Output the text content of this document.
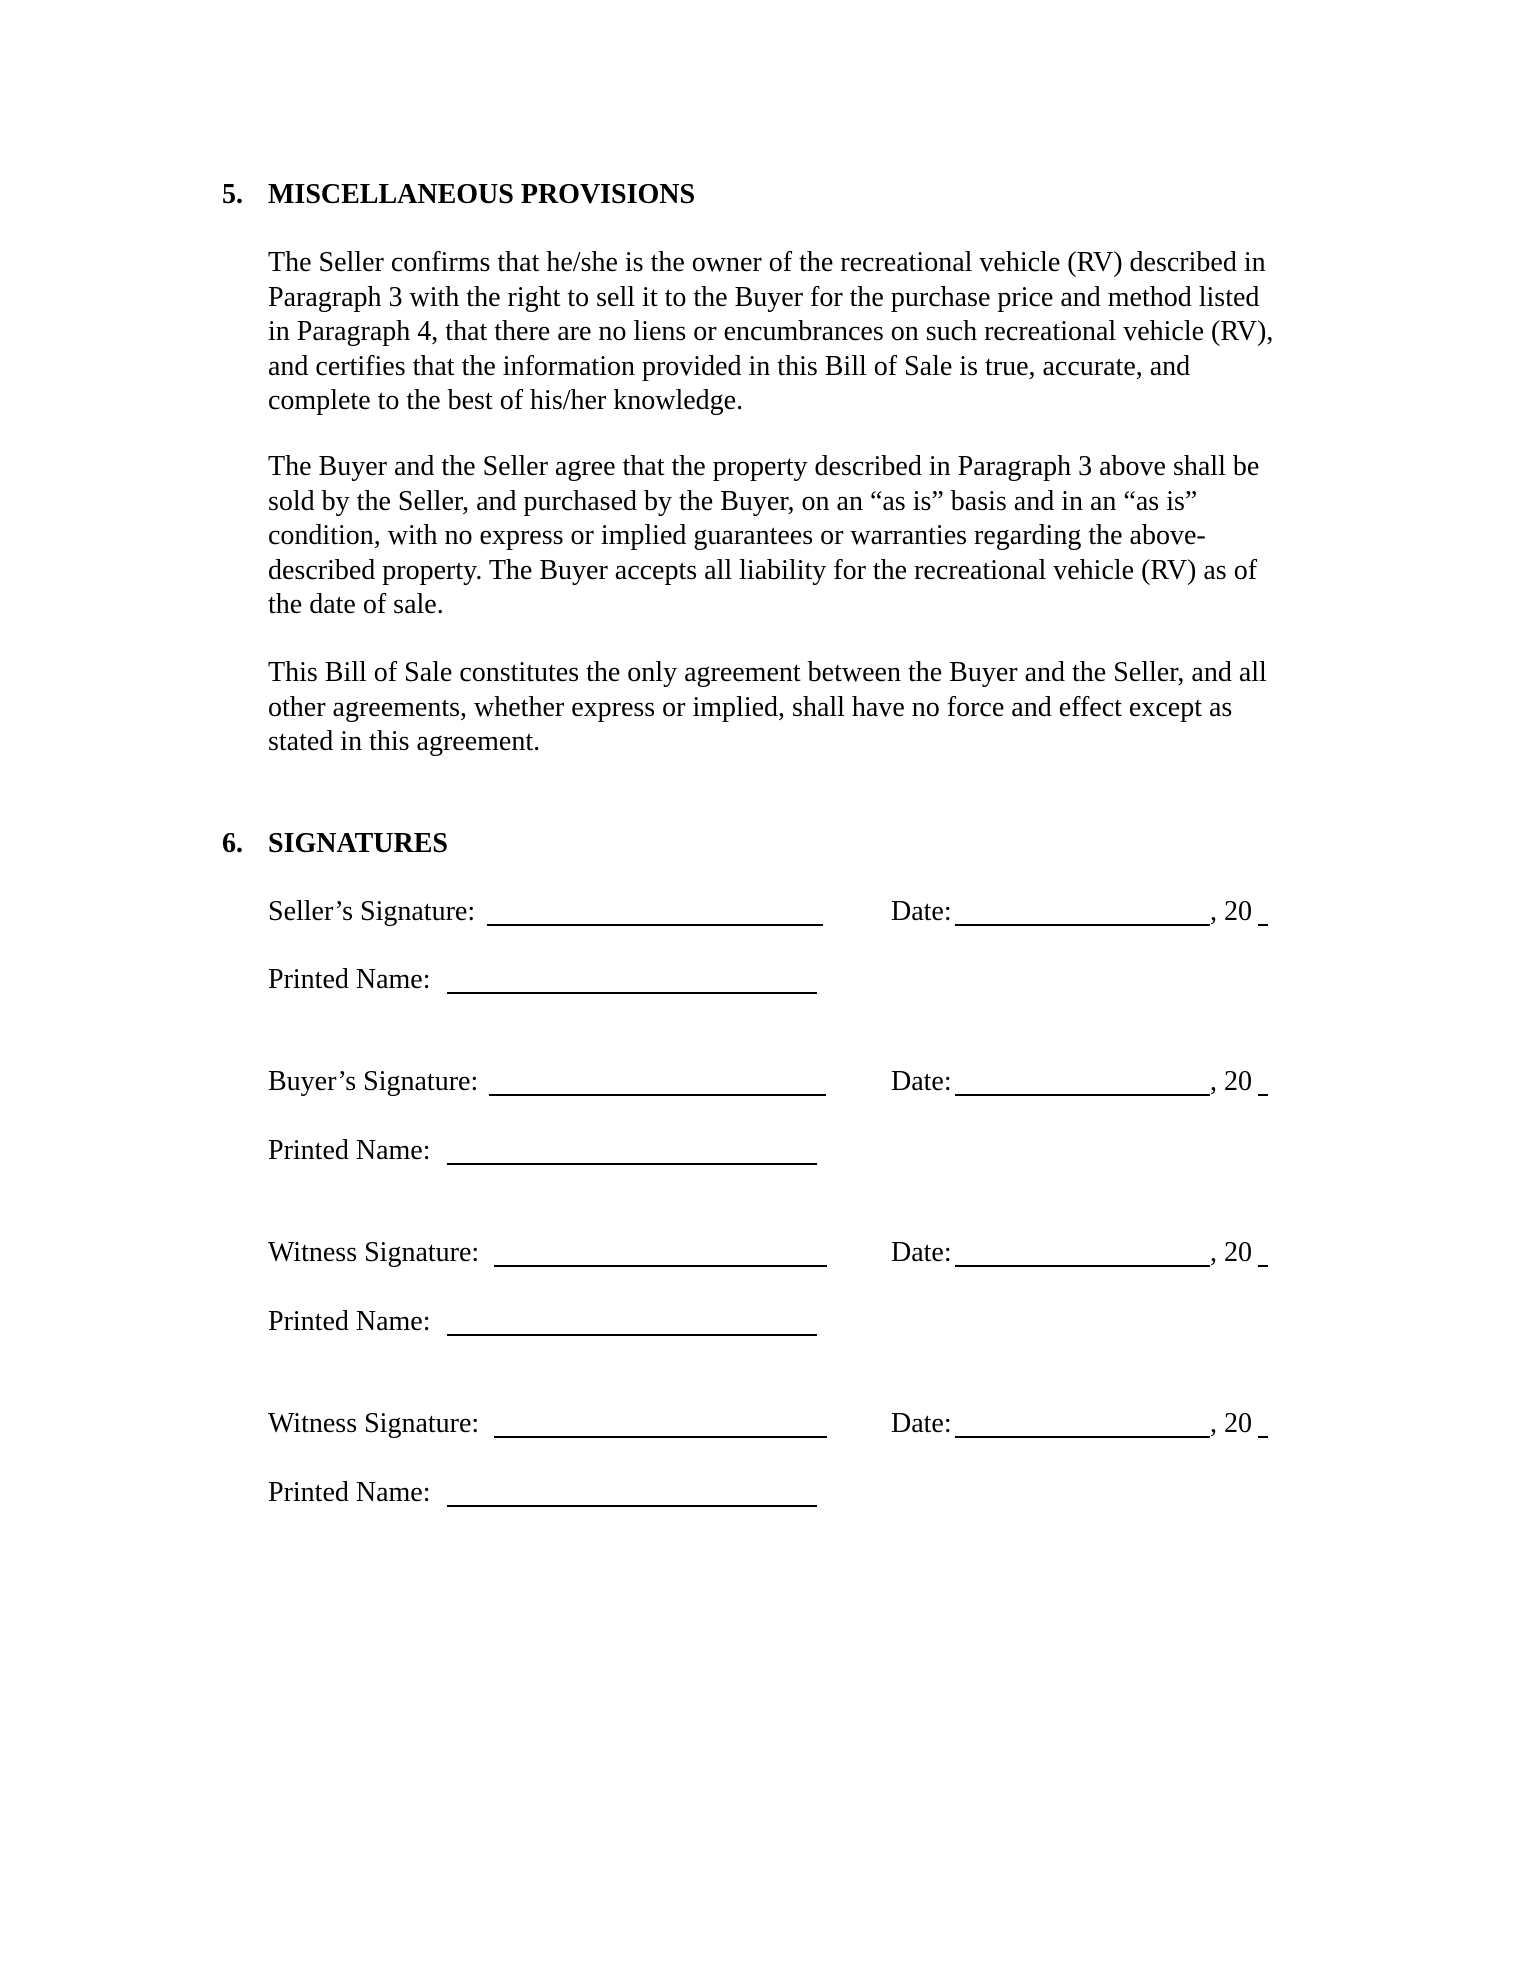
5. MISCELLANEOUS PROVISIONS

The Seller confirms that he/she is the owner of the recreational vehicle (RV) described in
Paragraph 3 with the right to sell it to the Buyer for the purchase price and method listed
in Paragraph 4, that there are no liens or encumbrances on such recreational vehicle (RV),
and certifies that the information provided in this Bill of Sale is true, accurate, and
complete to the best of his/her knowledge.

The Buyer and the Seller agree that the property described in Paragraph 3 above shall be
sold by the Seller, and purchased by the Buyer, on an “as is” basis and in an “as is”
condition, with no express or implied guarantees or warranties regarding the above-
described property. The Buyer accepts all liability for the recreational vehicle (RV) as of
the date of sale.

This Bill of Sale constitutes the only agreement between the Buyer and the Seller, and all
other agreements, whether express or implied, shall have no force and effect except as
stated in this agreement.

6. SIGNATURES
Seller’s Signature:	Date:	, 20
Printed Name:
Buyer’s Signature:	Date:	, 20
Printed Name:
Witness Signature:	Date:	, 20
Printed Name:
Witness Signature:	Date:	, 20
Printed Name:
